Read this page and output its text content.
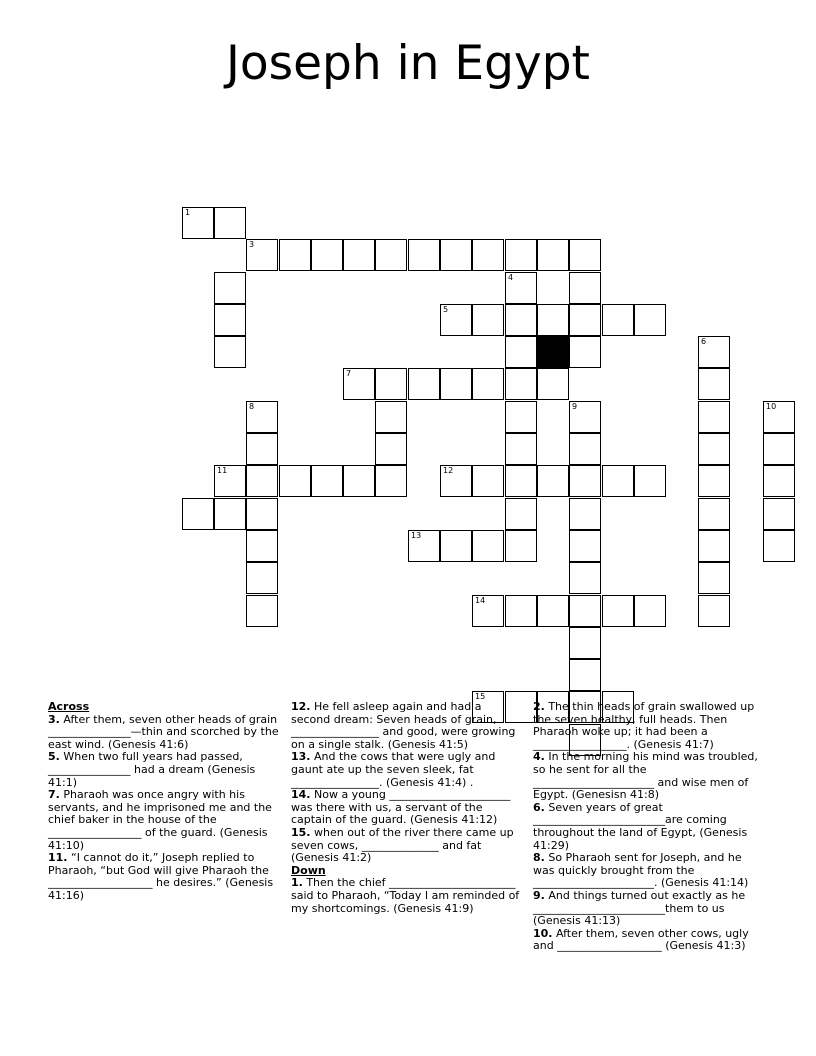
Joseph in Egypt
1
3
4
5
6
7
8	9	10
11	12
13
14
15
Across
3. After them, seven other heads of grain _______________—thin and scorched by the east wind. (Genesis 41:6)
5. When two full years had passed, _______________ had a dream (Genesis 41:1)
7. Pharaoh was once angry with his servants, and he imprisoned me and the chief baker in the house of the _________________ of the guard. (Genesis 41:10)
11. “I cannot do it,” Joseph replied to Pharaoh, “but God will give Pharaoh the ___________________ he desires.” (Genesis 41:16)
12. He fell asleep again and had a second dream: Seven heads of grain, ________________ and good, were growing on a single stalk. (Genesis 41:5)
13. And the cows that were ugly and gaunt ate up the seven sleek, fat ________________. (Genesis 41:4) .
14. Now a young ______________________ was there with us, a servant of the captain of the guard. (Genesis 41:12)
15. when out of the river there came up seven cows, ______________ and fat (Genesis 41:2)
Down
1. Then the chief _______________________ said to Pharaoh, “Today I am reminded of my shortcomings. (Genesis 41:9)
2. The thin heads of grain swallowed up the seven healthy, full heads. Then Pharaoh woke up; it had been a _________________. (Genesis 41:7)
4. In the morning his mind was troubled, so he sent for all the ______________________ and wise men of Egypt. (Genesisn 41:8)
6. Seven years of great ________________________are coming throughout the land of Egypt, (Genesis 41:29)
8. So Pharaoh sent for Joseph, and he was quickly brought from the ______________________. (Genesis 41:14)
9. And things turned out exactly as he ________________________them to us (Genesis 41:13)
10. After them, seven other cows, ugly and ___________________ (Genesis 41:3)
